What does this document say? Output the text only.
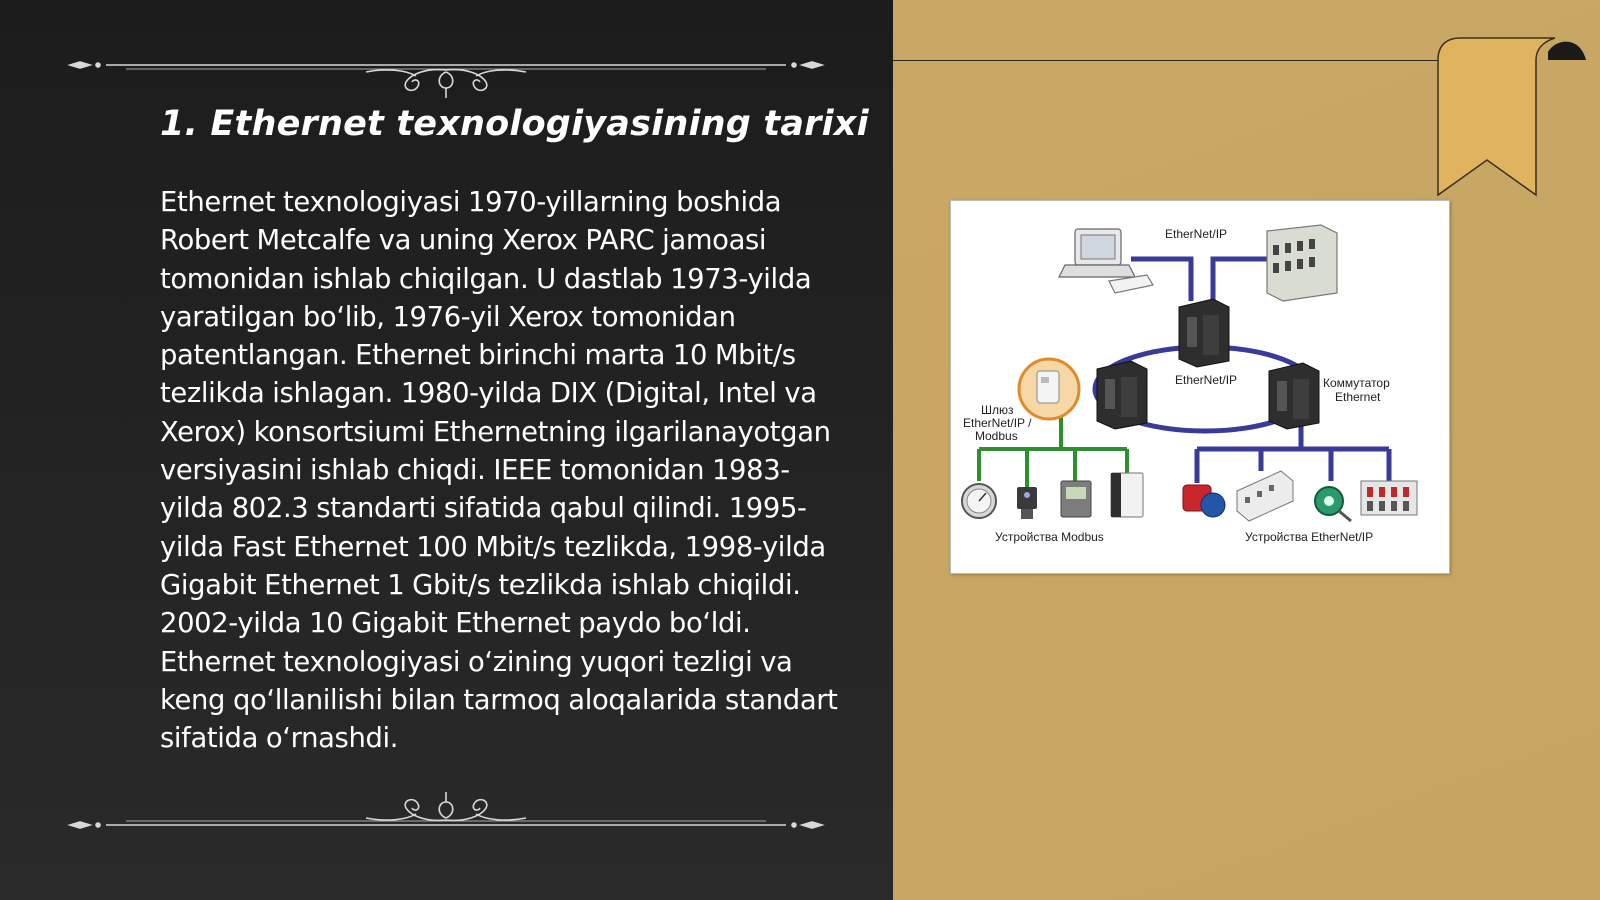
1. Ethernet texnologiyasining tarixi

Ethernet texnologiyasi 1970-yillarning boshida Robert Metcalfe va uning Xerox PARC jamoasi tomonidan ishlab chiqilgan. U dastlab 1973-yilda yaratilgan bo‘lib, 1976-yil Xerox tomonidan patentlangan. Ethernet birinchi marta 10 Mbit/s tezlikda ishlagan. 1980-yilda DIX (Digital, Intel va Xerox) konsortsiumi Ethernetning ilgarilanayotgan versiyasini ishlab chiqdi. IEEE tomonidan 1983-yilda 802.3 standarti sifatida qabul qilindi. 1995-yilda Fast Ethernet 100 Mbit/s tezlikda, 1998-yilda Gigabit Ethernet 1 Gbit/s tezlikda ishlab chiqildi. 2002-yilda 10 Gigabit Ethernet paydo bo‘ldi. Ethernet texnologiyasi o‘zining yuqori tezligi va keng qo‘llanilishi bilan tarmoq aloqalarida standart sifatida o‘rnashdi.

EtherNet/IP
EtherNet/IP	Коммутатор
Ethernet
Шлюз
EtherNet/IP /
Modbus
Устройства Modbus	Устройства EtherNet/IP
